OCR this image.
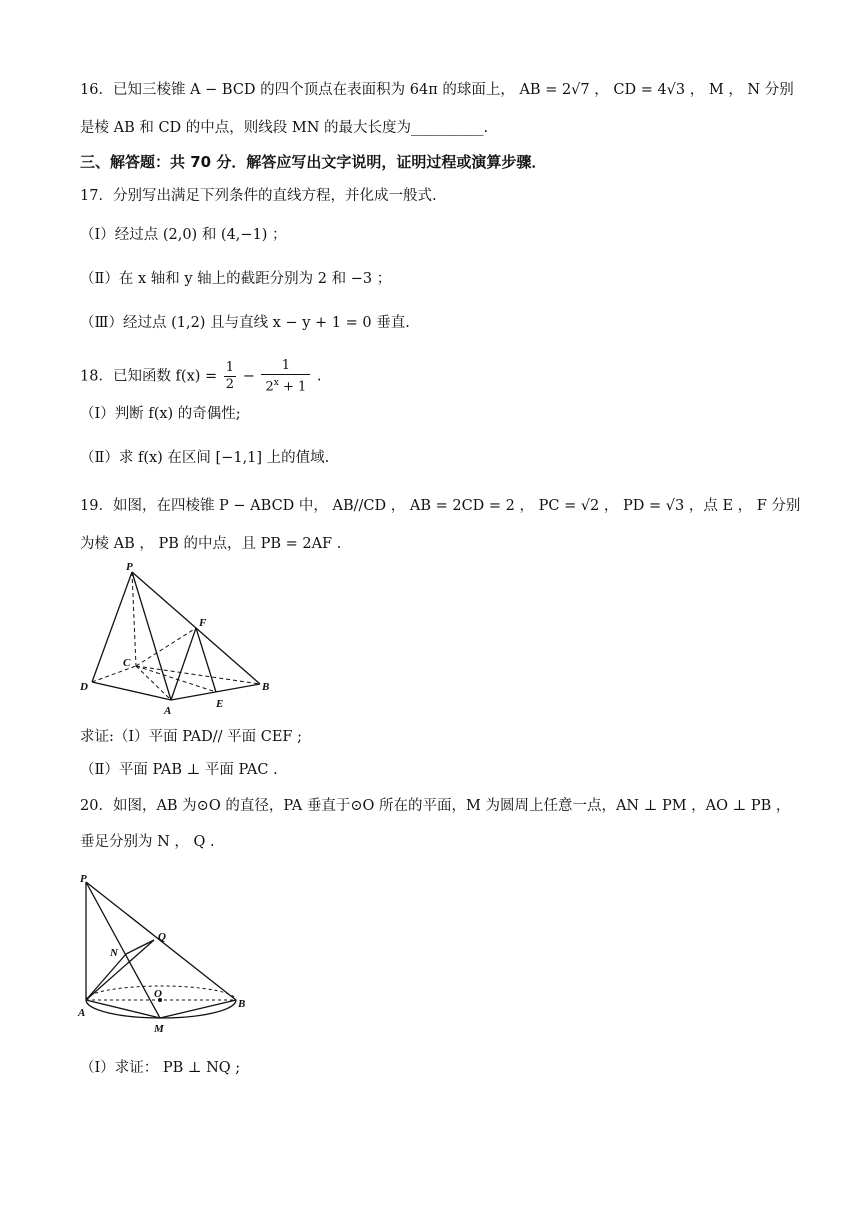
16．已知三棱锥 A − BCD 的四个顶点在表面积为 64π 的球面上， AB = 2√7 ， CD = 4√3 ， M ， N 分别
是棱 AB 和 CD 的中点，则线段 MN 的最大长度为__________.
三、解答题：共 70 分．解答应写出文字说明，证明过程或演算步骤．
17．分别写出满足下列条件的直线方程，并化成一般式.
（Ⅰ）经过点 (2,0) 和 (4,−1) ；
（Ⅱ）在 x 轴和 y 轴上的截距分别为 2 和 −3 ；
（Ⅲ）经过点 (1,2) 且与直线 x − y + 1 = 0 垂直.
18．已知函数 $f(x) = \frac{1}{2} - \frac{1}{2^x + 1}$ .
（Ⅰ）判断 f(x) 的奇偶性;
（Ⅱ）求 f(x) 在区间 [−1,1] 上的值域.
19．如图，在四棱锥 P − ABCD 中， AB//CD ， AB = 2CD = 2 ， PC = √2 ， PD = √3 ，点 E ， F 分别
为棱 AB ， PB 的中点，且 PB = 2AF .
P
F
C
D	B
A
E
求证:（Ⅰ）平面 PAD// 平面 CEF ;
（Ⅱ）平面 PAB ⊥ 平面 PAC .
20．如图，AB 为⊙O 的直径，PA 垂直于⊙O 所在的平面，M 为圆周上任意一点，AN ⊥ PM ，AO ⊥ PB ，
垂足分别为 N ， Q .
P
Q
N
O
A
B
M
（Ⅰ）求证： PB ⊥ NQ ;
